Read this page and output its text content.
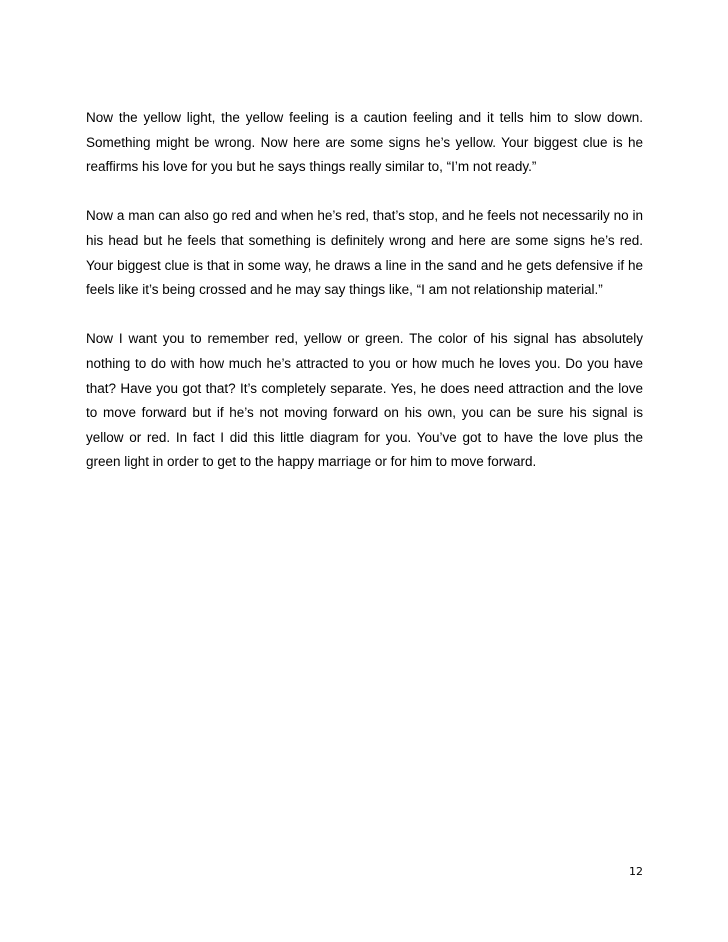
Now the yellow light, the yellow feeling is a caution feeling and it tells him to slow down. Something might be wrong. Now here are some signs he’s yellow. Your biggest clue is he reaffirms his love for you but he says things really similar to, “I’m not ready.”

Now a man can also go red and when he’s red, that’s stop, and he feels not necessarily no in his head but he feels that something is definitely wrong and here are some signs he’s red. Your biggest clue is that in some way, he draws a line in the sand and he gets defensive if he feels like it’s being crossed and he may say things like, “I am not relationship material.”

Now I want you to remember red, yellow or green. The color of his signal has absolutely nothing to do with how much he’s attracted to you or how much he loves you. Do you have that? Have you got that? It’s completely separate. Yes, he does need attraction and the love to move forward but if he’s not moving forward on his own, you can be sure his signal is yellow or red. In fact I did this little diagram for you. You’ve got to have the love plus the green light in order to get to the happy marriage or for him to move forward.

12
